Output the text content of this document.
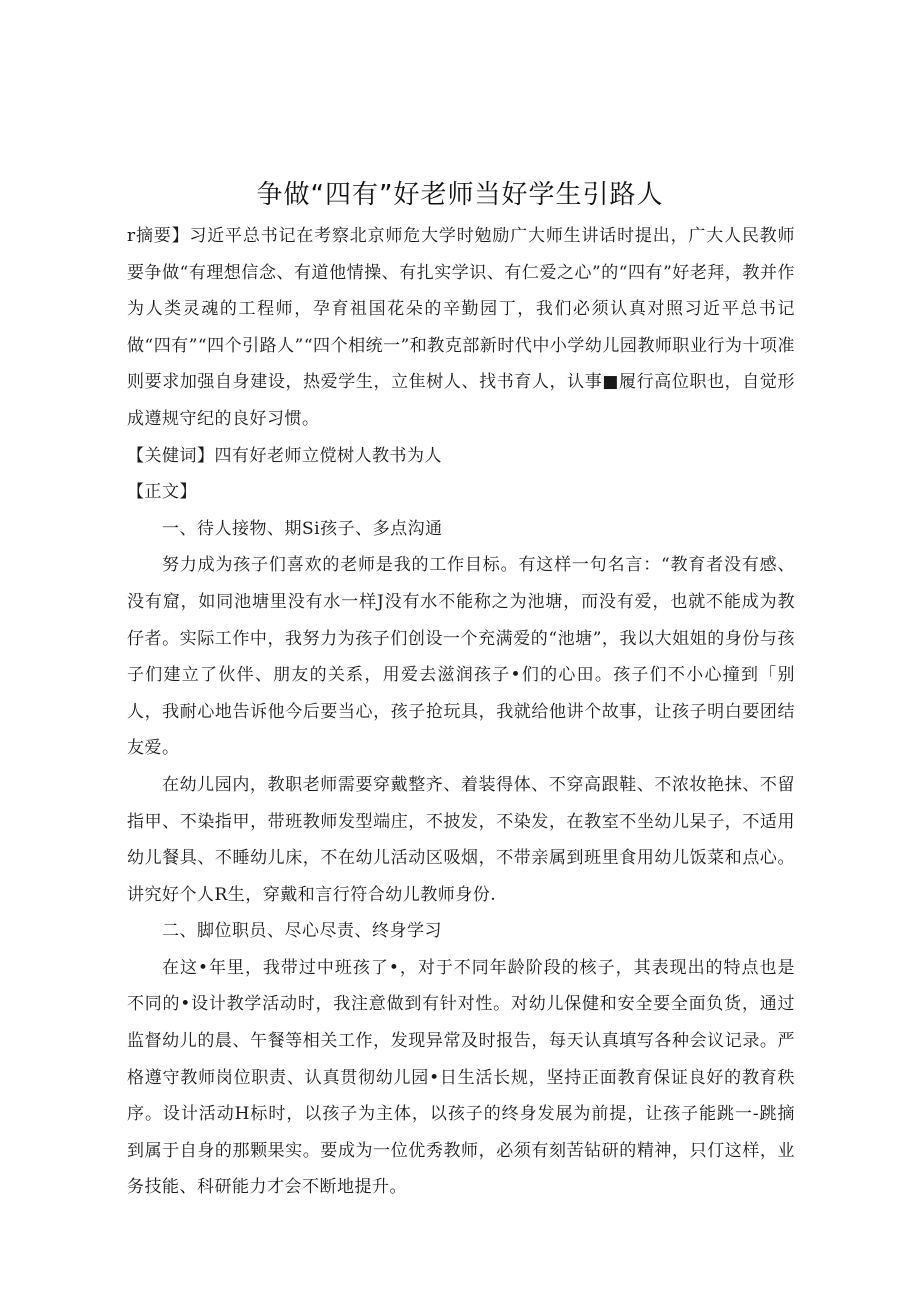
争做“四有”好老师当好学生引路人

r摘要】习近平总书记在考察北京师危大学时勉励广大师生讲话时提出，广大人民教师要争做“有理想信念、有道他情操、有扎实学识、有仁爱之心”的“四有”好老拜，教并作为人类灵魂的工程师，孕育祖国花朵的辛勤园丁，我们必须认真对照习近平总书记做“四有”“四个引路人”“四个相统一”和教克部新时代中小学幼儿园教师职业行为十项准则要求加强自身建设，热爱学生，立隹树人、找书育人，认事■履行高位职也，自觉形成遵规守纪的良好习惯。

【关健词】四有好老师立傥树人教书为人

【正文】

一、待人接物、期Si孩子、多点沟通

努力成为孩子们喜欢的老师是我的工作目标。有这样一句名言：“教育者没有感、没有窟，如同池塘里没有水一样J没有水不能称之为池塘，而没有爱，也就不能成为教仔者。实际工作中，我努力为孩子们创设一个充满爱的“池塘”，我以大姐姐的身份与孩子们建立了伙伴、朋友的关系，用爱去滋润孩子•们的心田。孩子们不小心撞到「别人，我耐心地告诉他今后要当心，孩子抢玩具，我就给他讲个故事，让孩子明白要团结友爱。

在幼儿园内，教职老师需要穿戴整齐、着装得体、不穿高跟鞋、不浓妆艳抹、不留指甲、不染指甲，带班教师发型端庄，不披发，不染发，在教室不坐幼儿杲子，不适用幼儿餐具、不睡幼儿床，不在幼儿活动区吸烟，不带亲属到班里食用幼儿饭菜和点心。讲究好个人R生，穿戴和言行符合幼儿教师身份.

二、脚位职员、尽心尽责、终身学习

在这•年里，我带过中班孩了•，对于不同年龄阶段的核子，其表现出的特点也是不同的•设计教学活动时，我注意做到有针对性。对幼儿保健和安全要全面负货，通过监督幼儿的晨、午餐等相关工作，发现异常及时报告，每天认真填写各种会议记录。严格遵守教师岗位职责、认真贯彻幼儿园•日生活长规，坚持正面教育保证良好的教育秩序。设计活动H标时，以孩子为主体，以孩子的终身发展为前提，让孩子能跳一-跳摘到属于自身的那颗果实。要成为一位优秀教师，必须有刻苦钻研的精神，只仃这样，业务技能、科研能力才会不断地提升。
